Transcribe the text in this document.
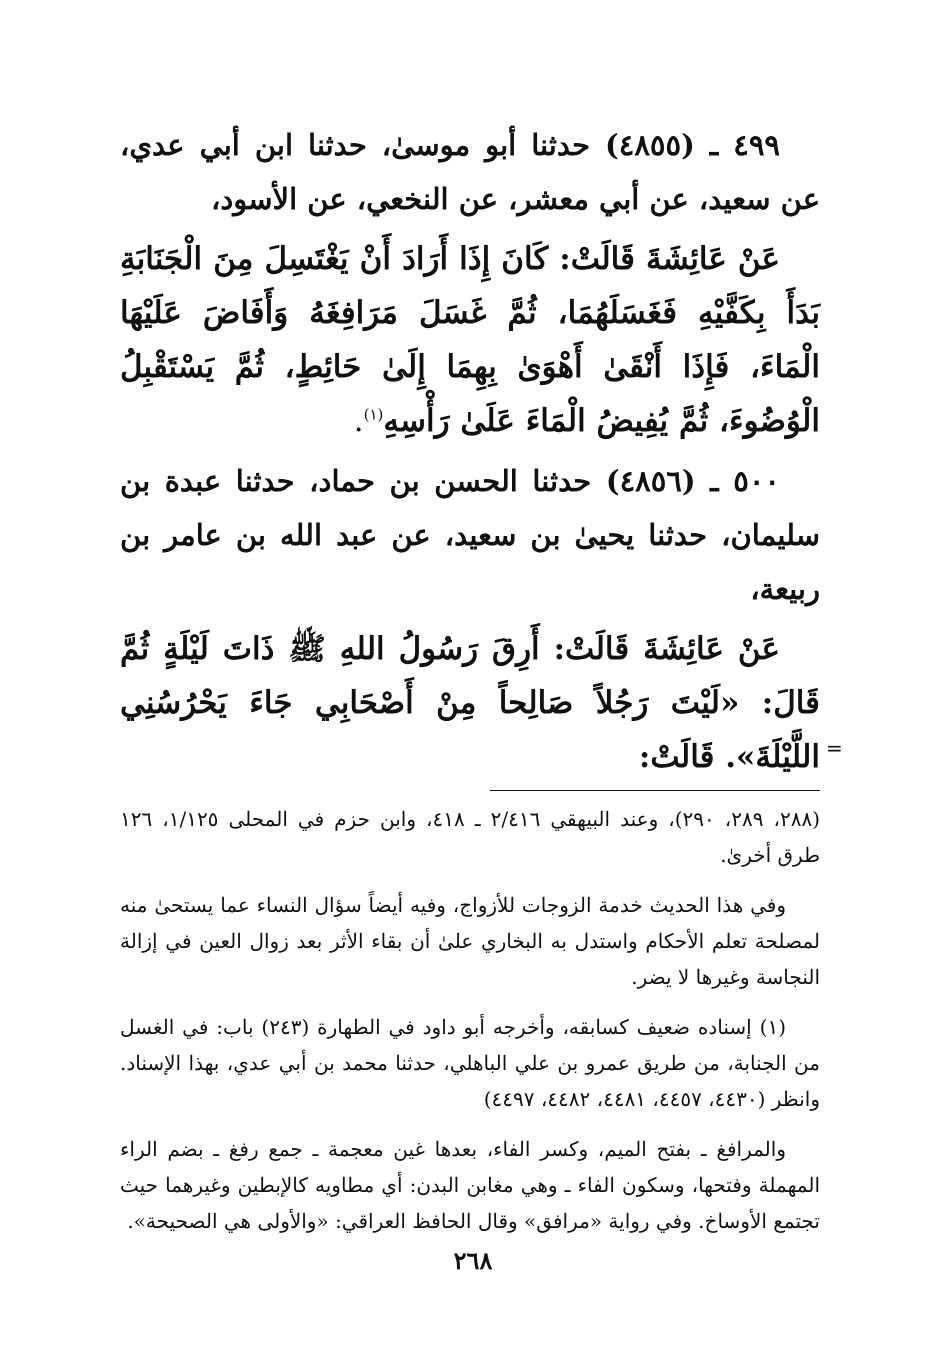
=

٤٩٩ ـ (٤٨٥٥) حدثنا أبو موسىٰ، حدثنا ابن أبي عدي، عن سعيد، عن أبي معشر، عن النخعي، عن الأسود،

عَنْ عَائِشَةَ قَالَتْ: كَانَ إِذَا أَرَادَ أَنْ يَغْتَسِلَ مِنَ الْجَنَابَةِ بَدَأَ بِكَفَّيْهِ فَغَسَلَهُمَا، ثُمَّ غَسَلَ مَرَافِغَهُ وَأَفَاضَ عَلَيْهَا الْمَاءَ، فَإِذَا أَنْقَىٰ أَهْوَىٰ بِهِمَا إِلَىٰ حَائِطٍ، ثُمَّ يَسْتَقْبِلُ الْوُضُوءَ، ثُمَّ يُفِيضُ الْمَاءَ عَلَىٰ رَأْسِهِ$^{(١)}$.

٥٠٠ ـ (٤٨٥٦) حدثنا الحسن بن حماد، حدثنا عبدة بن سليمان، حدثنا يحيىٰ بن سعيد، عن عبد الله بن عامر بن ربيعة،

عَنْ عَائِشَةَ قَالَتْ: أَرِقَ رَسُولُ اللهِ ﷺ ذَاتَ لَيْلَةٍ ثُمَّ قَالَ: «لَيْتَ رَجُلاً صَالِحاً مِنْ أَصْحَابِي جَاءَ يَحْرُسُنِي اللَّيْلَةَ». قَالَتْ:

(٢٨٨، ٢٨٩، ٢٩٠)، وعند البيهقي ٢/٤١٦ ـ ٤١٨، وابن حزم في المحلى ١/١٢٥، ١٢٦ طرق أخرىٰ.

وفي هذا الحديث خدمة الزوجات للأزواج، وفيه أيضاً سؤال النساء عما يستحىٰ منه لمصلحة تعلم الأحكام واستدل به البخاري علىٰ أن بقاء الأثر بعد زوال العين في إزالة النجاسة وغيرها لا يضر.

(١) إسناده ضعيف كسابقه، وأخرجه أبو داود في الطهارة (٢٤٣) باب: في الغسل من الجنابة، من طريق عمرو بن علي الباهلي، حدثنا محمد بن أبي عدي، بهذا الإسناد. وانظر (٤٤٣٠، ٤٤٥٧، ٤٤٨١، ٤٤٨٢، ٤٤٩٧)

والمرافغ ـ بفتح الميم، وكسر الفاء، بعدها غين معجمة ـ جمع رفغ ـ بضم الراء المهملة وفتحها، وسكون الفاء ـ وهي مغابن البدن: أي مطاويه كالإبطين وغيرهما حيث تجتمع الأوساخ. وفي رواية «مرافق» وقال الحافظ العراقي: «والأولى هي الصحيحة».

٢٦٨
